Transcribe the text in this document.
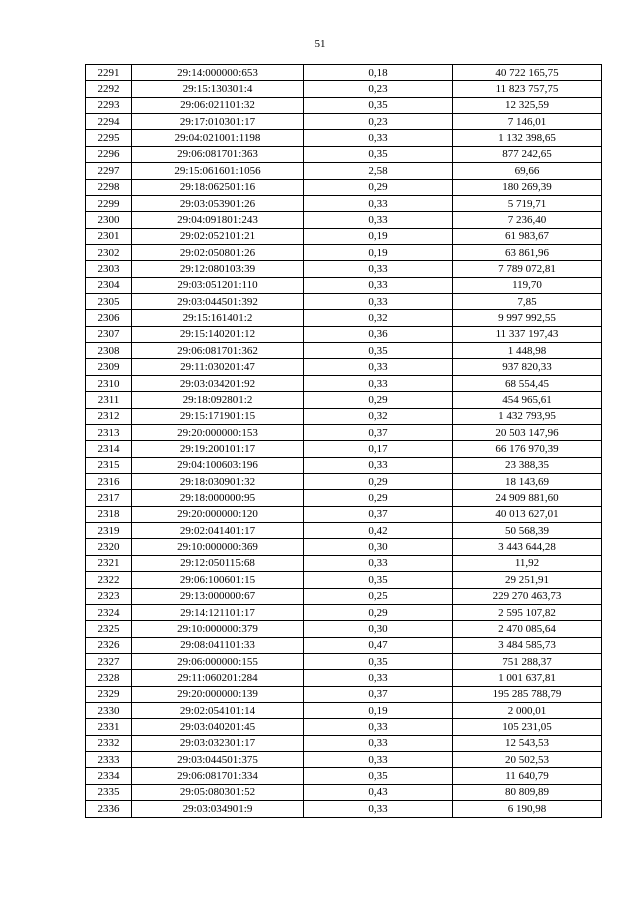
51
2291	29:14:000000:653	0,18	40 722 165,75
2292	29:15:130301:4	0,23	11 823 757,75
2293	29:06:021101:32	0,35	12 325,59
2294	29:17:010301:17	0,23	7 146,01
2295	29:04:021001:1198	0,33	1 132 398,65
2296	29:06:081701:363	0,35	877 242,65
2297	29:15:061601:1056	2,58	69,66
2298	29:18:062501:16	0,29	180 269,39
2299	29:03:053901:26	0,33	5 719,71
2300	29:04:091801:243	0,33	7 236,40
2301	29:02:052101:21	0,19	61 983,67
2302	29:02:050801:26	0,19	63 861,96
2303	29:12:080103:39	0,33	7 789 072,81
2304	29:03:051201:110	0,33	119,70
2305	29:03:044501:392	0,33	7,85
2306	29:15:161401:2	0,32	9 997 992,55
2307	29:15:140201:12	0,36	11 337 197,43
2308	29:06:081701:362	0,35	1 448,98
2309	29:11:030201:47	0,33	937 820,33
2310	29:03:034201:92	0,33	68 554,45
2311	29:18:092801:2	0,29	454 965,61
2312	29:15:171901:15	0,32	1 432 793,95
2313	29:20:000000:153	0,37	20 503 147,96
2314	29:19:200101:17	0,17	66 176 970,39
2315	29:04:100603:196	0,33	23 388,35
2316	29:18:030901:32	0,29	18 143,69
2317	29:18:000000:95	0,29	24 909 881,60
2318	29:20:000000:120	0,37	40 013 627,01
2319	29:02:041401:17	0,42	50 568,39
2320	29:10:000000:369	0,30	3 443 644,28
2321	29:12:050115:68	0,33	11,92
2322	29:06:100601:15	0,35	29 251,91
2323	29:13:000000:67	0,25	229 270 463,73
2324	29:14:121101:17	0,29	2 595 107,82
2325	29:10:000000:379	0,30	2 470 085,64
2326	29:08:041101:33	0,47	3 484 585,73
2327	29:06:000000:155	0,35	751 288,37
2328	29:11:060201:284	0,33	1 001 637,81
2329	29:20:000000:139	0,37	195 285 788,79
2330	29:02:054101:14	0,19	2 000,01
2331	29:03:040201:45	0,33	105 231,05
2332	29:03:032301:17	0,33	12 543,53
2333	29:03:044501:375	0,33	20 502,53
2334	29:06:081701:334	0,35	11 640,79
2335	29:05:080301:52	0,43	80 809,89
2336	29:03:034901:9	0,33	6 190,98
